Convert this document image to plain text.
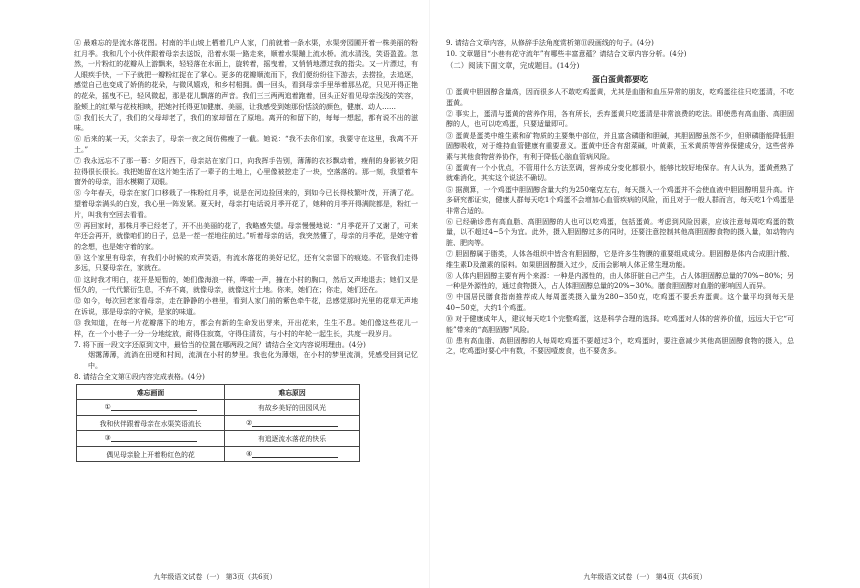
④ 最难忘的是流水落花图。村南的半山坡上栖着几户人家，门前就着一条水渠，水渠旁园圃开着一株美丽的粉红月季。我和几个小伙伴跟着母亲去送饭，沿着水渠一路走来，顺着水渠蹦上流水桥。流水清浅，笑语盈盈。忽然，一片粉红的花瓣从上游飘来，轻轻落在水面上，旋转着，摇曳着，又悄悄地漂过我的指尖。又一片漂过，有人眼疾手快，一下子就把一瓣粉红捉在了掌心。更多的花瓣顺流而下，我们便纷纷往下游去，去捞捡，去追逐，感觉自己也变成了娇俏的花朵，与微风嬉戏，和乡村相拥。偶一回头，看到母亲手里举着那丛花，只见开得正艳的花朵，摇曳不已，轻风微起，那是花儿飘落的声音。我们三三两两追着跑着，回头正好看见母亲浅浅的笑容，脸颊上的红晕与花枝相映，把她衬托得更加健康、美丽，让我感受到她那份恬淡的颜色，健康、动人……

⑤ 我们长大了，我们的父母却老了，我们的家却留在了原地。离开的和留下的，每每一想起，都有说不出的滋味。

⑥ 后来的某一天，父亲去了，母亲一夜之间仿佛瘦了一截。她说：“我不去你们家，我要守在这里，我离不开土。”

⑦ 我永远忘不了那一幕：夕阳西下，母亲站在家门口，向我挥手告别，薄薄的衣衫飘动着，瘦削的身影被夕阳拉得很长很长。我把她留在这片她生活了一辈子的土地上，心里像被挖走了一块，空落落的。那一刻，我望着车窗外的母亲，泪水模糊了双眼。

⑧ 今年春天，母亲在家门口移栽了一株粉红月季，说是在河边捡回来的，到如今已长得枝繁叶茂，开满了花。望着母亲满头的白发，我心里一阵发紧。夏天时，母亲打电话说月季开花了，她种的月季开得满院都是，粉红一片，叫我有空回去看看。

⑨ 再回家时，那株月季已经老了，开不出美丽的花了，我略感失望。母亲慢慢地说：“月季花开了又谢了，可来年还会再开，就像咱们的日子，总是一茬一茬地往前过。”听着母亲的话，我突然懂了，母亲的月季花，是她守着的念想，也是她守着的家。

⑩ 这个家里有母亲，有我们小时候的欢声笑语，有流水落花的美好记忆，还有父亲留下的痕迹。不管我们走得多远，只要母亲在，家就在。

⑪ 这时我才明白，花开是短暂的，她们像海浪一样，哗啦一声，撞在小村的胸口，然后又声地退去；她们又是恒久的，一代代繁衍生息，不弃不离，就像母亲，就像这片土地。你来，她们在；你走，她们还在。

⑫ 如今，每次回老家看母亲，走在静静的小巷里，看到人家门前的紫色牵牛花，总感觉那时光里的花草无声地在诉说，那是母亲的守候，是家的味道。

⑬ 我知道，在每一片花瓣落下的地方，都会有新的生命发出芽来，开出花来，生生不息。她们像这些花儿一样，在一个小巷子一分一分地绽放，耐得住寂寞，守得住清贫，与小村的年轮一起生长，共度一段岁月。

7. 将下面一段文字还原到文中，最恰当的位置在哪两段之间？请结合全文内容说明理由。(4分)

烟霭薄薄，流淌在田埂和村间，流淌在小村的梦里。我也化为薄烟，在小村的梦里流淌，凭感受回到记忆中。

8. 请结合全文第④段内容完成表格。(4分)

难忘画面	难忘原因
①	有故乡美好的田园风光
我和伙伴跟着母亲在水渠笑语流长	②
③	有追逐流水落花的快乐
偶见母亲脸上开着粉红色的花	④
九年级语文试卷（一） 第3页（共6页）

9. 请结合文章内容，从修辞手法角度赏析第⑪段画线的句子。(4分)

10. 文章题目“小巷有花守流年”有哪些丰富意蕴？请结合文章内容分析。(4分)

（二）阅读下面文章，完成题目。(14分)

蛋白蛋黄都要吃

① 蛋黄中胆固醇含量高，因而很多人不敢吃鸡蛋黄，尤其是血脂和血压异常的朋友，吃鸡蛋往往只吃蛋清，不吃蛋黄。

② 事实上，蛋清与蛋黄的营养作用，各有所长，丢弃蛋黄只吃蛋清是非常浪费的吃法。即使患有高血脂、高胆固醇的人，也可以吃鸡蛋，只要适量即可。

③ 蛋黄是蛋类中维生素和矿物质的主要集中部位，并且富含磷脂和胆碱，其胆固醇虽然不少，但卵磷脂能降低胆固醇吸收，对于维持血管健康有重要意义。蛋黄中还含有甜菜碱，叶黄素，玉米黄质等营养保健成分，这些营养素与其他食物营养协作，有利于降低心脑血管病风险。

④ 蛋黄有一个小优点，不管用什么方法烹调，营养成分变化都很小，能够比较好地保存。有人认为，蛋黄煮熟了就难消化，其实这个说法不确切。

⑤ 据测算，一个鸡蛋中胆固醇含量大约为250毫克左右，每天摄入一个鸡蛋并不会使血液中胆固醇明显升高。许多研究都证实，健康人群每天吃1个鸡蛋不会增加心血管疾病的风险，而且对于一般人群而言，每天吃1个鸡蛋是非常合适的。

⑥ 已经确诊患有高血脂、高胆固醇的人也可以吃鸡蛋，包括蛋黄。考虑到风险因素，应该注意每周吃鸡蛋的数量，以不超过4~5个为宜。此外，摄入胆固醇过多的同时，还要注意控制其他高胆固醇食物的摄入量，如动物内脏、肥肉等。

⑦ 胆固醇属于脂类，人体各组织中皆含有胆固醇，它是许多生物膜的重要组成成分。胆固醇是体内合成胆汁酸、维生素D及激素的原料。如果胆固醇摄入过少，反而会影响人体正常生理功能。

⑧ 人体内胆固醇主要有两个来源：一种是内源性的，由人体肝脏自己产生，占人体胆固醇总量的70%~80%；另一种是外源性的，通过食物摄入，占人体胆固醇总量的20%~30%。膳食胆固醇对血脂的影响因人而异。

⑨ 中国居民膳食指南推荐成人每周蛋类摄入量为280~350克，吃鸡蛋不要丢弃蛋黄。这个量平均到每天是40~50克，大约1个鸡蛋。

⑩ 对于健康成年人，建议每天吃1个完整鸡蛋，这是科学合理的选择。吃鸡蛋对人体的营养价值，远远大于它“可能”带来的“高胆固醇”风险。

⑪ 患有高血脂、高胆固醇的人每周吃鸡蛋不要超过3个，吃鸡蛋时，要注意减少其他高胆固醇食物的摄入，总之，吃鸡蛋时要心中有数，不要因噎废食，也不要贪多。

九年级语文试卷（一） 第4页（共6页）
